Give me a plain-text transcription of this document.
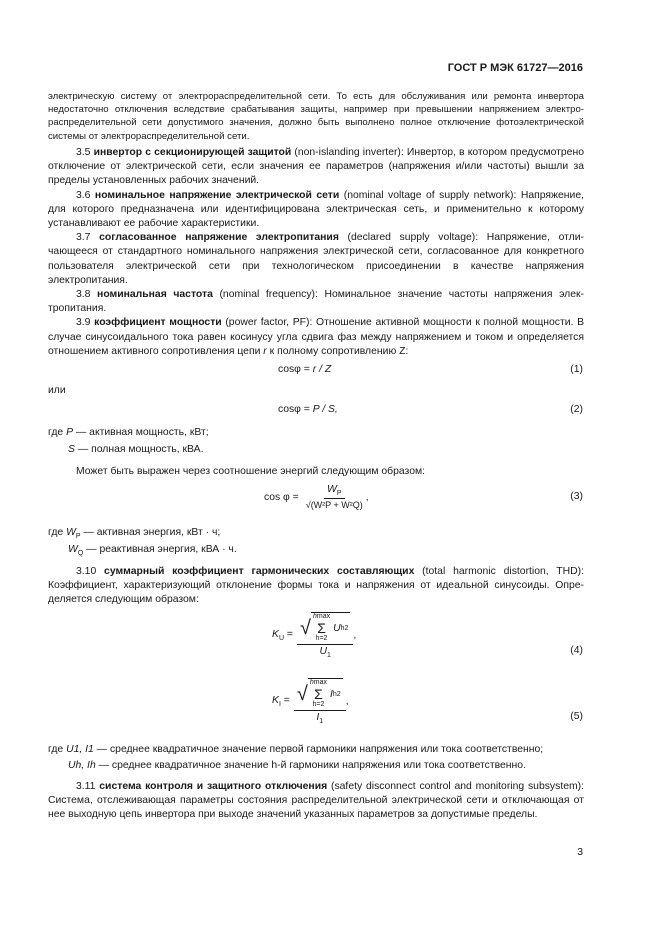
ГОСТ Р МЭК 61727—2016

электрическую систему от электрораспределительной сети. То есть для обслуживания или ремонта инвертора недостаточно отключения вследствие срабатывания защиты, например при превышении напряжением электрораспределительной сети допустимого значения, должно быть выполнено полное отключение фотоэлектрической системы от электрораспределительной сети.

3.5 инвертор с секционирующей защитой (non-islanding inverter): Инвертор, в котором предусмотрено отключение от электрической сети, если значения ее параметров (напряжения и/или частоты) вышли за пределы установленных рабочих значений.

3.6 номинальное напряжение электрической сети (nominal voltage of supply network): Напряжение, для которого предназначена или идентифицирована электрическая сеть, и применительно к которому устанавливают ее рабочие характеристики.

3.7 согласованное напряжение электропитания (declared supply voltage): Напряжение, отличающееся от стандартного номинального напряжения электрической сети, согласованное для конкретного пользователя электрической сети при технологическом присоединении в качестве напряжения электропитания.

3.8 номинальная частота (nominal frequency): Номинальное значение частоты напряжения электропитания.

3.9 коэффициент мощности (power factor, PF): Отношение активной мощности к полной мощности. В случае синусоидального тока равен косинусу угла сдвига фаз между напряжением и током и определяется отношением активного сопротивления цепи r к полному сопротивлению Z:

cosφ = r / Z	(1)
или
cosφ = P / S,	(2)
где P — активная мощность, кВт;
S — полная мощность, кВА.
Может быть выражен через соотношение энергий следующим образом:
$\cos \varphi = \frac{W_P}{\text{√(W²P + W²Q)}}$ ,	(3)
где $W_P$ — активная энергия, кВт · ч;
$W_Q$ — реактивная энергия, кВА · ч.

3.10 суммарный коэффициент гармонических составляющих (total harmonic distortion, THD): Коэффициент, характеризующий отклонение формы тока и напряжения от идеальной синусоиды. Определяется следующим образом:

$K_U$ = √ hmax
Σ
h=2
U h 2
$U_1$
,
(4)
$K_I$ = √ hmax
Σ
h=2
I h 2
$I_1$
,
(5)
где U1, I1 — среднее квадратичное значение первой гармоники напряжения или тока соответственно;
Uh, Ih — среднее квадратичное значение h-й гармоники напряжения или тока соответственно.

3.11 система контроля и защитного отключения (safety disconnect control and monitoring subsystem): Система, отслеживающая параметры состояния распределительной электрической сети и отключающая от нее выходную цепь инвертора при выходе значений указанных параметров за допустимые пределы.

3
